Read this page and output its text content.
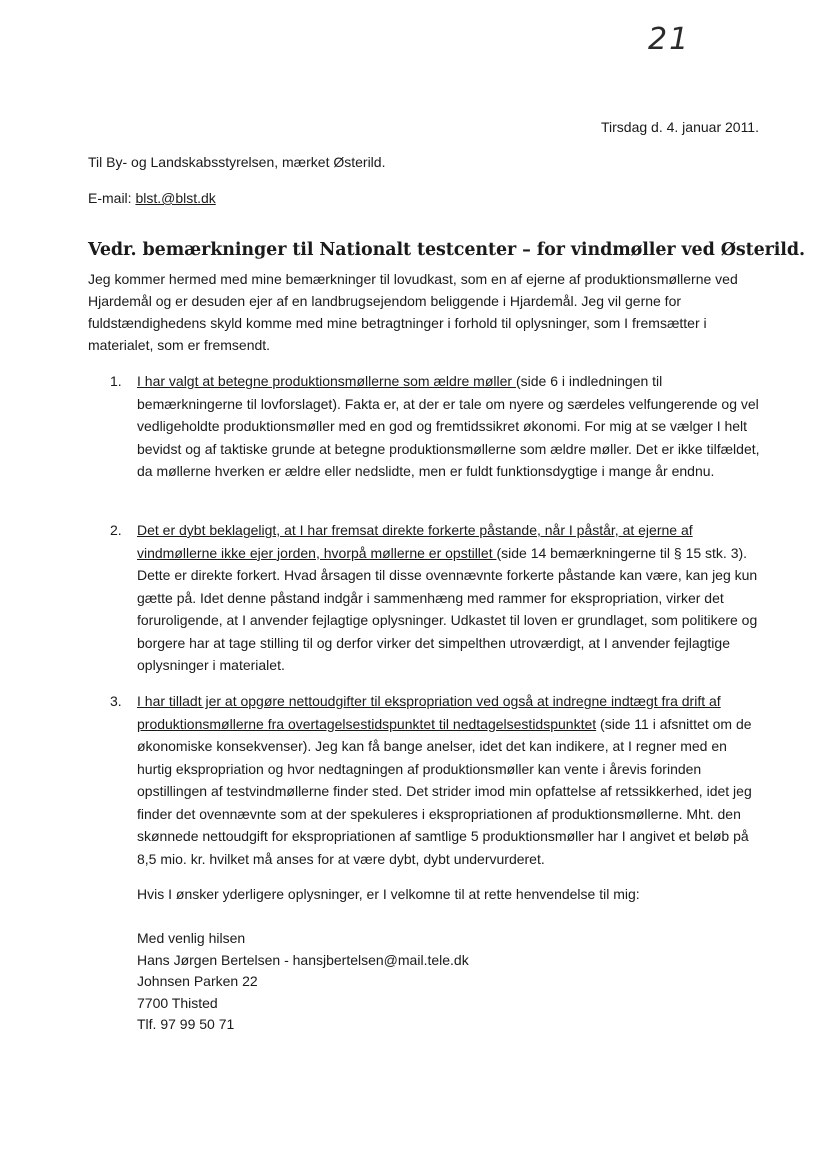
21
Tirsdag d. 4. januar 2011.
Til By- og Landskabsstyrelsen, mærket Østerild.
E-mail: blst.@blst.dk
Vedr. bemærkninger til Nationalt testcenter – for vindmøller ved Østerild.
Jeg kommer hermed med mine bemærkninger til lovudkast, som en af ejerne af produktionsmøllerne ved Hjardemål og er desuden ejer af en landbrugsejendom beliggende i Hjardemål. Jeg vil gerne for fuldstændighedens skyld komme med mine betragtninger i forhold til oplysninger, som I fremsætter i materialet, som er fremsendt.
1. I har valgt at betegne produktionsmøllerne som ældre møller (side 6 i indledningen til bemærkningerne til lovforslaget). Fakta er, at der er tale om nyere og særdeles velfungerende og vel vedligeholdte produktionsmøller med en god og fremtidssikret økonomi. For mig at se vælger I helt bevidst og af taktiske grunde at betegne produktionsmøllerne som ældre møller. Det er ikke tilfældet, da møllerne hverken er ældre eller nedslidte, men er fuldt funktionsdygtige i mange år endnu.
2. Det er dybt beklageligt, at I har fremsat direkte forkerte påstande, når I påstår, at ejerne af vindmøllerne ikke ejer jorden, hvorpå møllerne er opstillet (side 14 bemærkningerne til § 15 stk. 3). Dette er direkte forkert. Hvad årsagen til disse ovennævnte forkerte påstande kan være, kan jeg kun gætte på. Idet denne påstand indgår i sammenhæng med rammer for ekspropriation, virker det foruroligende, at I anvender fejlagtige oplysninger. Udkastet til loven er grundlaget, som politikere og borgere har at tage stilling til og derfor virker det simpelthen utroværdigt, at I anvender fejlagtige oplysninger i materialet.
3. I har tilladt jer at opgøre nettoudgifter til ekspropriation ved også at indregne indtægt fra drift af produktionsmøllerne fra overtagelsestidspunktet til nedtagelsestidspunktet (side 11 i afsnittet om de økonomiske konsekvenser). Jeg kan få bange anelser, idet det kan indikere, at I regner med en hurtig ekspropriation og hvor nedtagningen af produktionsmøller kan vente i årevis forinden opstillingen af testvindmøllerne finder sted. Det strider imod min opfattelse af retssikkerhed, idet jeg finder det ovennævnte som at der spekuleres i ekspropriationen af produktionsmøllerne. Mht. den skønnede nettoudgift for ekspropriationen af samtlige 5 produktionsmøller har I angivet et beløb på 8,5 mio. kr. hvilket må anses for at være dybt, dybt undervurderet.
Hvis I ønsker yderligere oplysninger, er I velkomne til at rette henvendelse til mig:
Med venlig hilsen
Hans Jørgen Bertelsen - hansjbertelsen@mail.tele.dk
Johnsen Parken 22
7700 Thisted
Tlf. 97 99 50 71
